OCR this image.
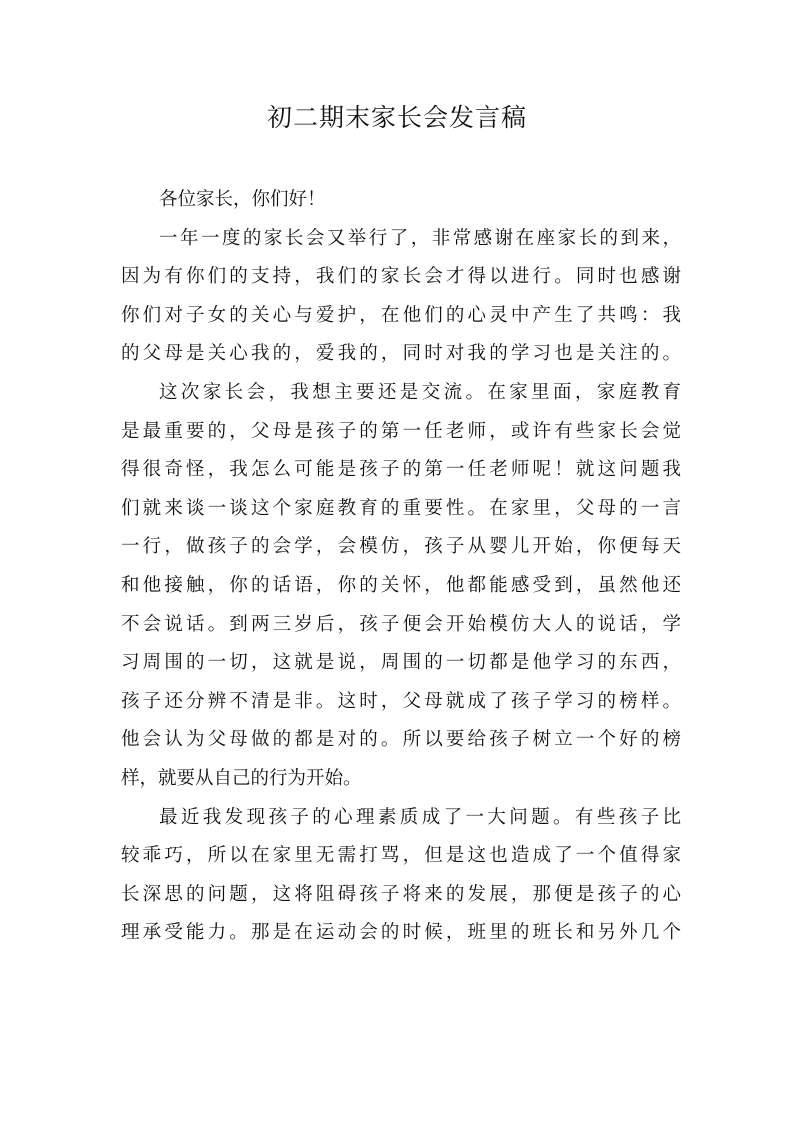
初二期末家长会发言稿
各位家长，你们好！
一年一度的家长会又举行了，非常感谢在座家长的到来，
因为有你们的支持，我们的家长会才得以进行。同时也感谢
你们对子女的关心与爱护，在他们的心灵中产生了共鸣：我
的父母是关心我的，爱我的，同时对我的学习也是关注的。
这次家长会，我想主要还是交流。在家里面，家庭教育
是最重要的，父母是孩子的第一任老师，或许有些家长会觉
得很奇怪，我怎么可能是孩子的第一任老师呢！就这问题我
们就来谈一谈这个家庭教育的重要性。在家里，父母的一言
一行，做孩子的会学，会模仿，孩子从婴儿开始，你便每天
和他接触，你的话语，你的关怀，他都能感受到，虽然他还
不会说话。到两三岁后，孩子便会开始模仿大人的说话，学
习周围的一切，这就是说，周围的一切都是他学习的东西，
孩子还分辨不清是非。这时，父母就成了孩子学习的榜样。
他会认为父母做的都是对的。所以要给孩子树立一个好的榜
样，就要从自己的行为开始。
最近我发现孩子的心理素质成了一大问题。有些孩子比
较乖巧，所以在家里无需打骂，但是这也造成了一个值得家
长深思的问题，这将阻碍孩子将来的发展，那便是孩子的心
理承受能力。那是在运动会的时候，班里的班长和另外几个
